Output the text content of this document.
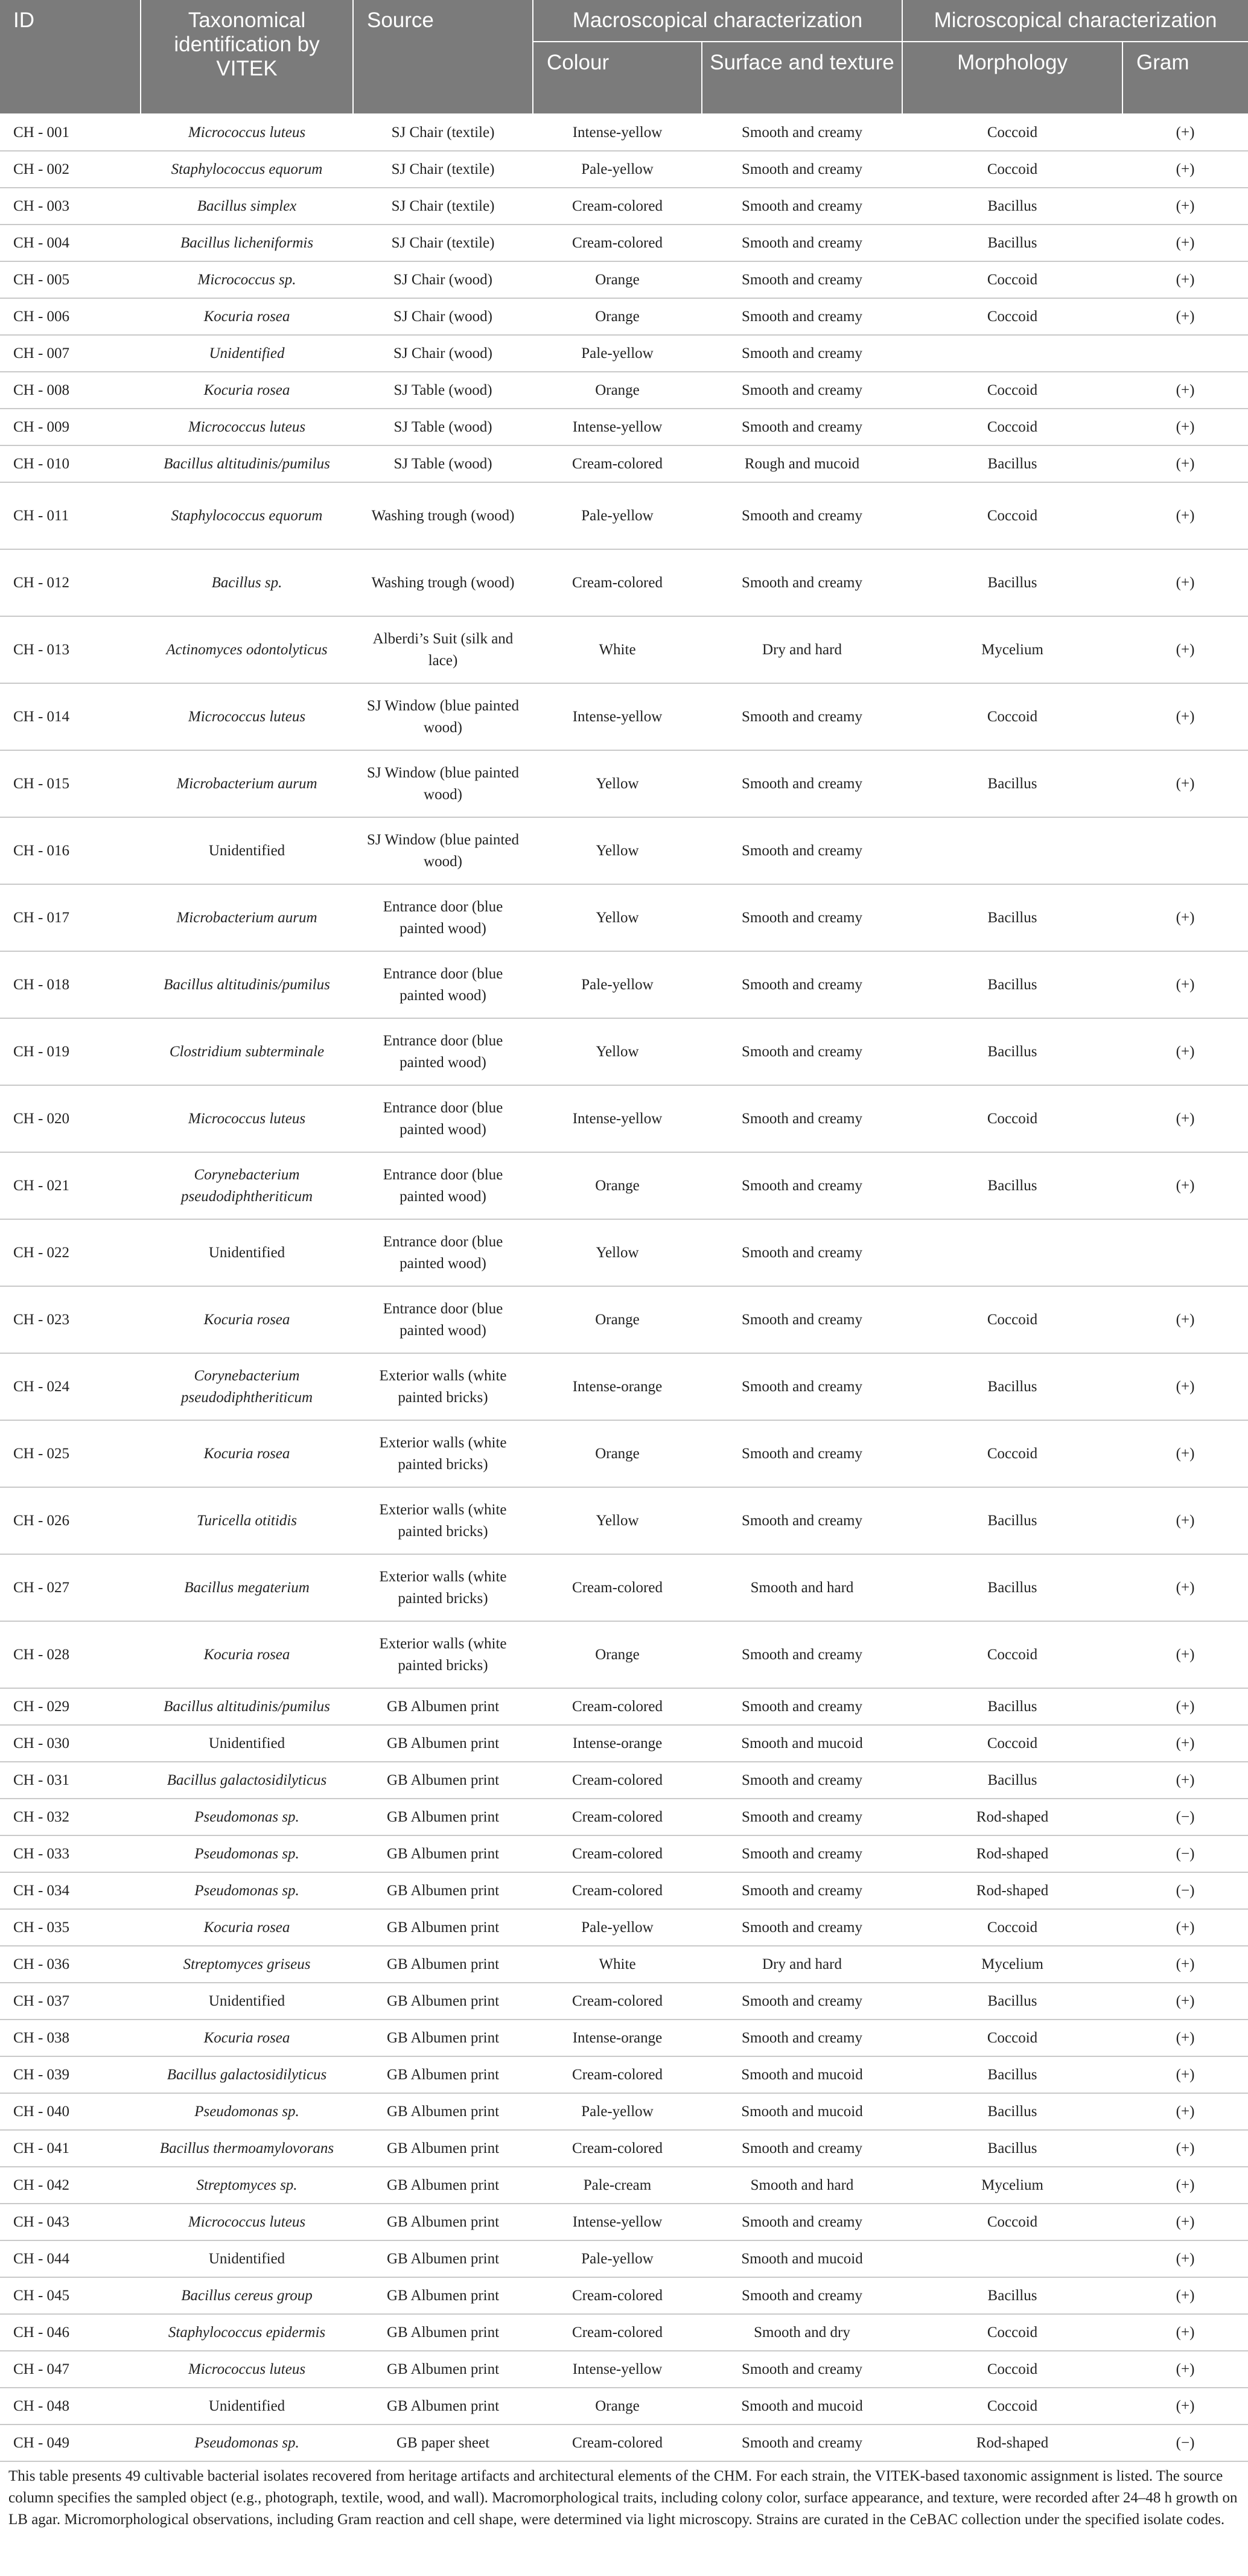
ID	Taxonomical identification by VITEK	Source	Macroscopical characterization		Microscopical characterization	
			Colour	Surface and texture	Morphology	Gram
CH - 001	Micrococcus luteus	SJ Chair (textile)	Intense-yellow	Smooth and creamy	Coccoid	(+)
CH - 002	Staphylococcus equorum	SJ Chair (textile)	Pale-yellow	Smooth and creamy	Coccoid	(+)
CH - 003	Bacillus simplex	SJ Chair (textile)	Cream-colored	Smooth and creamy	Bacillus	(+)
CH - 004	Bacillus licheniformis	SJ Chair (textile)	Cream-colored	Smooth and creamy	Bacillus	(+)
CH - 005	Micrococcus sp.	SJ Chair (wood)	Orange	Smooth and creamy	Coccoid	(+)
CH - 006	Kocuria rosea	SJ Chair (wood)	Orange	Smooth and creamy	Coccoid	(+)
CH - 007	Unidentified	SJ Chair (wood)	Pale-yellow	Smooth and creamy		
CH - 008	Kocuria rosea	SJ Table (wood)	Orange	Smooth and creamy	Coccoid	(+)
CH - 009	Micrococcus luteus	SJ Table (wood)	Intense-yellow	Smooth and creamy	Coccoid	(+)
CH - 010	Bacillus altitudinis/pumilus	SJ Table (wood)	Cream-colored	Rough and mucoid	Bacillus	(+)
CH - 011	Staphylococcus equorum	Washing trough (wood)	Pale-yellow	Smooth and creamy	Coccoid	(+)
CH - 012	Bacillus sp.	Washing trough (wood)	Cream-colored	Smooth and creamy	Bacillus	(+)
CH - 013	Actinomyces odontolyticus	Alberdi’s Suit (silk and lace)	White	Dry and hard	Mycelium	(+)
CH - 014	Micrococcus luteus	SJ Window (blue painted wood)	Intense-yellow	Smooth and creamy	Coccoid	(+)
CH - 015	Microbacterium aurum	SJ Window (blue painted wood)	Yellow	Smooth and creamy	Bacillus	(+)
CH - 016	Unidentified	SJ Window (blue painted wood)	Yellow	Smooth and creamy		
CH - 017	Microbacterium aurum	Entrance door (blue painted wood)	Yellow	Smooth and creamy	Bacillus	(+)
CH - 018	Bacillus altitudinis/pumilus	Entrance door (blue painted wood)	Pale-yellow	Smooth and creamy	Bacillus	(+)
CH - 019	Clostridium subterminale	Entrance door (blue painted wood)	Yellow	Smooth and creamy	Bacillus	(+)
CH - 020	Micrococcus luteus	Entrance door (blue painted wood)	Intense-yellow	Smooth and creamy	Coccoid	(+)
CH - 021	Corynebacterium pseudodiphtheriticum	Entrance door (blue painted wood)	Orange	Smooth and creamy	Bacillus	(+)
CH - 022	Unidentified	Entrance door (blue painted wood)	Yellow	Smooth and creamy		
CH - 023	Kocuria rosea	Entrance door (blue painted wood)	Orange	Smooth and creamy	Coccoid	(+)
CH - 024	Corynebacterium pseudodiphtheriticum	Exterior walls (white painted bricks)	Intense-orange	Smooth and creamy	Bacillus	(+)
CH - 025	Kocuria rosea	Exterior walls (white painted bricks)	Orange	Smooth and creamy	Coccoid	(+)
CH - 026	Turicella otitidis	Exterior walls (white painted bricks)	Yellow	Smooth and creamy	Bacillus	(+)
CH - 027	Bacillus megaterium	Exterior walls (white painted bricks)	Cream-colored	Smooth and hard	Bacillus	(+)
CH - 028	Kocuria rosea	Exterior walls (white painted bricks)	Orange	Smooth and creamy	Coccoid	(+)
CH - 029	Bacillus altitudinis/pumilus	GB Albumen print	Cream-colored	Smooth and creamy	Bacillus	(+)
CH - 030	Unidentified	GB Albumen print	Intense-orange	Smooth and mucoid	Coccoid	(+)
CH - 031	Bacillus galactosidilyticus	GB Albumen print	Cream-colored	Smooth and creamy	Bacillus	(+)
CH - 032	Pseudomonas sp.	GB Albumen print	Cream-colored	Smooth and creamy	Rod-shaped	(−)
CH - 033	Pseudomonas sp.	GB Albumen print	Cream-colored	Smooth and creamy	Rod-shaped	(−)
CH - 034	Pseudomonas sp.	GB Albumen print	Cream-colored	Smooth and creamy	Rod-shaped	(−)
CH - 035	Kocuria rosea	GB Albumen print	Pale-yellow	Smooth and creamy	Coccoid	(+)
CH - 036	Streptomyces griseus	GB Albumen print	White	Dry and hard	Mycelium	(+)
CH - 037	Unidentified	GB Albumen print	Cream-colored	Smooth and creamy	Bacillus	(+)
CH - 038	Kocuria rosea	GB Albumen print	Intense-orange	Smooth and creamy	Coccoid	(+)
CH - 039	Bacillus galactosidilyticus	GB Albumen print	Cream-colored	Smooth and mucoid	Bacillus	(+)
CH - 040	Pseudomonas sp.	GB Albumen print	Pale-yellow	Smooth and mucoid	Bacillus	(+)
CH - 041	Bacillus thermoamylovorans	GB Albumen print	Cream-colored	Smooth and creamy	Bacillus	(+)
CH - 042	Streptomyces sp.	GB Albumen print	Pale-cream	Smooth and hard	Mycelium	(+)
CH - 043	Micrococcus luteus	GB Albumen print	Intense-yellow	Smooth and creamy	Coccoid	(+)
CH - 044	Unidentified	GB Albumen print	Pale-yellow	Smooth and mucoid		(+)
CH - 045	Bacillus cereus group	GB Albumen print	Cream-colored	Smooth and creamy	Bacillus	(+)
CH - 046	Staphylococcus epidermis	GB Albumen print	Cream-colored	Smooth and dry	Coccoid	(+)
CH - 047	Micrococcus luteus	GB Albumen print	Intense-yellow	Smooth and creamy	Coccoid	(+)
CH - 048	Unidentified	GB Albumen print	Orange	Smooth and mucoid	Coccoid	(+)
CH - 049	Pseudomonas sp.	GB paper sheet	Cream-colored	Smooth and creamy	Rod-shaped	(−)

This table presents 49 cultivable bacterial isolates recovered from heritage artifacts and architectural elements of the CHM. For each strain, the VITEK-based taxonomic assignment is listed. The source column specifies the sampled object (e.g., photograph, textile, wood, and wall). Macromorphological traits, including colony color, surface appearance, and texture, were recorded after 24–48 h growth on LB agar. Micromorphological observations, including Gram reaction and cell shape, were determined via light microscopy. Strains are curated in the CeBAC collection under the specified isolate codes.
